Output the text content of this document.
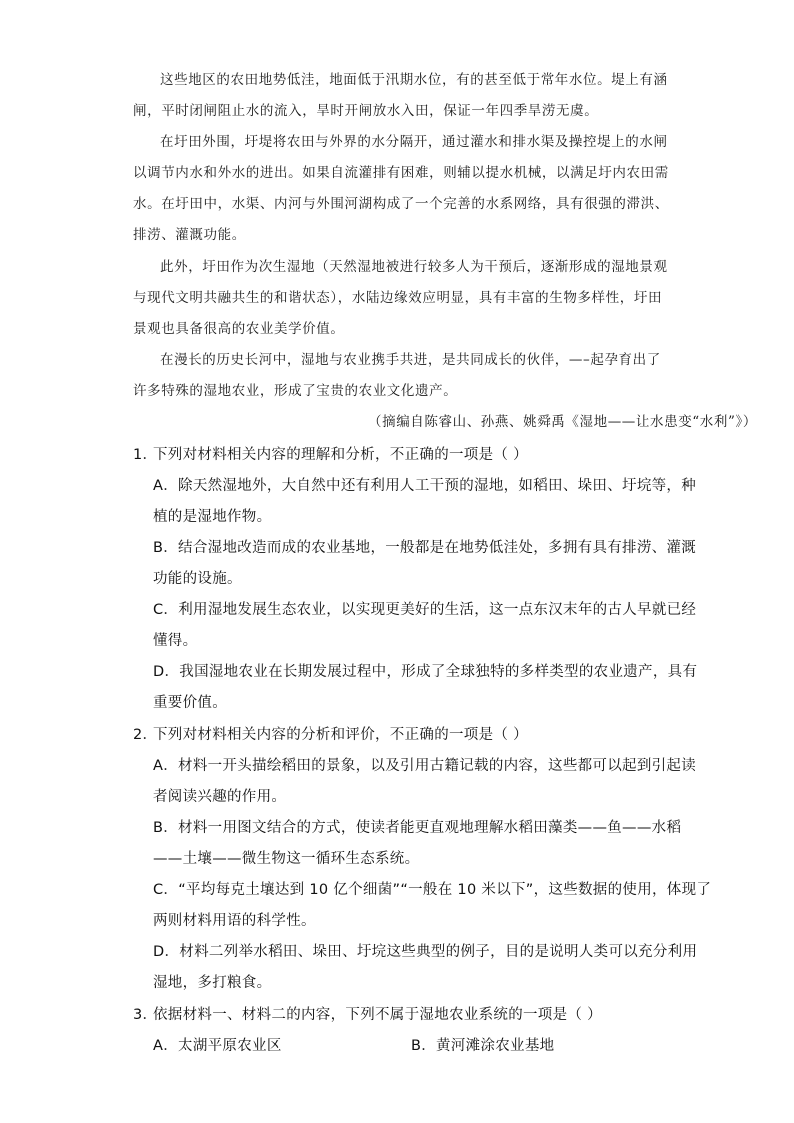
这些地区的农田地势低洼，地面低于汛期水位，有的甚至低于常年水位。堤上有涵
闸，平时闭闸阻止水的流入，旱时开闸放水入田，保证一年四季旱涝无虞。
在圩田外围，圩堤将农田与外界的水分隔开，通过灌水和排水渠及操控堤上的水闸
以调节内水和外水的进出。如果自流灌排有困难，则辅以提水机械，以满足圩内农田需
水。在圩田中，水渠、内河与外围河湖构成了一个完善的水系网络，具有很强的滞洪、
排涝、灌溉功能。
此外，圩田作为次生湿地（天然湿地被进行较多人为干预后，逐渐形成的湿地景观
与现代文明共融共生的和谐状态），水陆边缘效应明显，具有丰富的生物多样性，圩田
景观也具备很高的农业美学价值。
在漫长的历史长河中，湿地与农业携手共进，是共同成长的伙伴，—–起孕育出了
许多特殊的湿地农业，形成了宝贵的农业文化遗产。
（摘编自陈睿山、孙燕、姚舜禹《湿地——让水患变“水利”》）
1．
下列对材料相关内容的理解和分析，不正确的一项是（ ）
A．除天然湿地外，大自然中还有利用人工干预的湿地，如稻田、垛田、圩垸等，种
植的是湿地作物。
B．结合湿地改造而成的农业基地，一般都是在地势低洼处，多拥有具有排涝、灌溉
功能的设施。
C．利用湿地发展生态农业，以实现更美好的生活，这一点东汉末年的古人早就已经
懂得。
D．我国湿地农业在长期发展过程中，形成了全球独特的多样类型的农业遗产，具有
重要价值。
2．
下列对材料相关内容的分析和评价，不正确的一项是（ ）
A．材料一开头描绘稻田的景象，以及引用古籍记载的内容，这些都可以起到引起读
者阅读兴趣的作用。
B．材料一用图文结合的方式，使读者能更直观地理解水稻田藻类——鱼——水稻
——土壤——微生物这一循环生态系统。
C．“平均每克土壤达到 10 亿个细菌”“一般在 10 米以下”，这些数据的使用，体现了
两则材料用语的科学性。
D．材料二列举水稻田、垛田、圩垸这些典型的例子，目的是说明人类可以充分利用
湿地，多打粮食。
3．
依据材料一、材料二的内容，下列不属于湿地农业系统的一项是（ ）
A．太湖平原农业区	B．黄河滩涂农业基地
